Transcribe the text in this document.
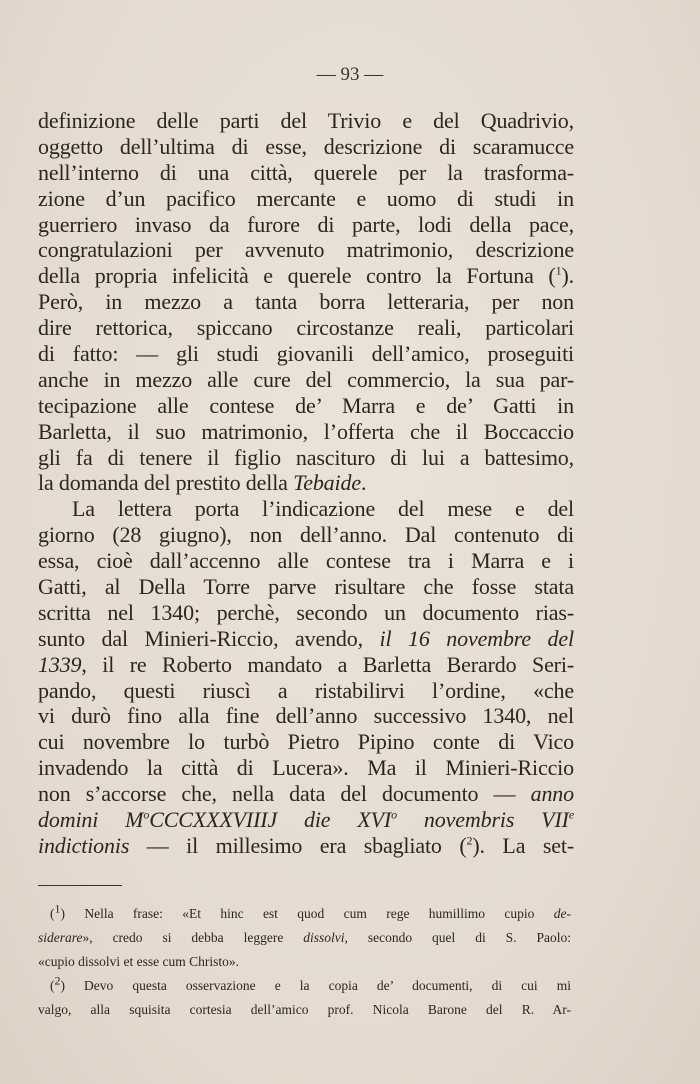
— 93 —
definizione delle parti del Trivio e del Quadrivio,
oggetto dell’ultima di esse, descrizione di scaramucce
nell’interno di una città, querele per la trasforma-
zione d’un pacifico mercante e uomo di studi in
guerriero invaso da furore di parte, lodi della pace,
congratulazioni per avvenuto matrimonio, descrizione
della propria infelicità e querele contro la Fortuna ($^1$).
Però, in mezzo a tanta borra letteraria, per non
dire rettorica, spiccano circostanze reali, particolari
di fatto: — gli studi giovanili dell’amico, proseguiti
anche in mezzo alle cure del commercio, la sua par-
tecipazione alle contese de’ Marra e de’ Gatti in
Barletta, il suo matrimonio, l’offerta che il Boccaccio
gli fa di tenere il figlio nascituro di lui a battesimo,
la domanda del prestito della Tebaide.
La lettera porta l’indicazione del mese e del
giorno (28 giugno), non dell’anno. Dal contenuto di
essa, cioè dall’accenno alle contese tra i Marra e i
Gatti, al Della Torre parve risultare che fosse stata
scritta nel 1340; perchè, secondo un documento rias-
sunto dal Minieri-Riccio, avendo, il 16 novembre del
1339, il re Roberto mandato a Barletta Berardo Seri-
pando, questi riuscì a ristabilirvi l’ordine, «che
vi durò fino alla fine dell’anno successivo 1340, nel
cui novembre lo turbò Pietro Pipino conte di Vico
invadendo la città di Lucera». Ma il Minieri-Riccio
non s’accorse che, nella data del documento — anno
domini $M^oCCCXXXVIIIJ$ die XVI$^o$ novembris VIIe
indictionis — il millesimo era sbagliato ($^2$). La set-
($^1$) Nella frase: «Et hinc est quod cum rege humillimo cupio de-
siderare», credo si debba leggere dissolvi, secondo quel di S. Paolo:
«cupio dissolvi et esse cum Christo».
($^2$) Devo questa osservazione e la copia de’ documenti, di cui mi
valgo, alla squisita cortesia dell’amico prof. Nicola Barone del R. Ar-
